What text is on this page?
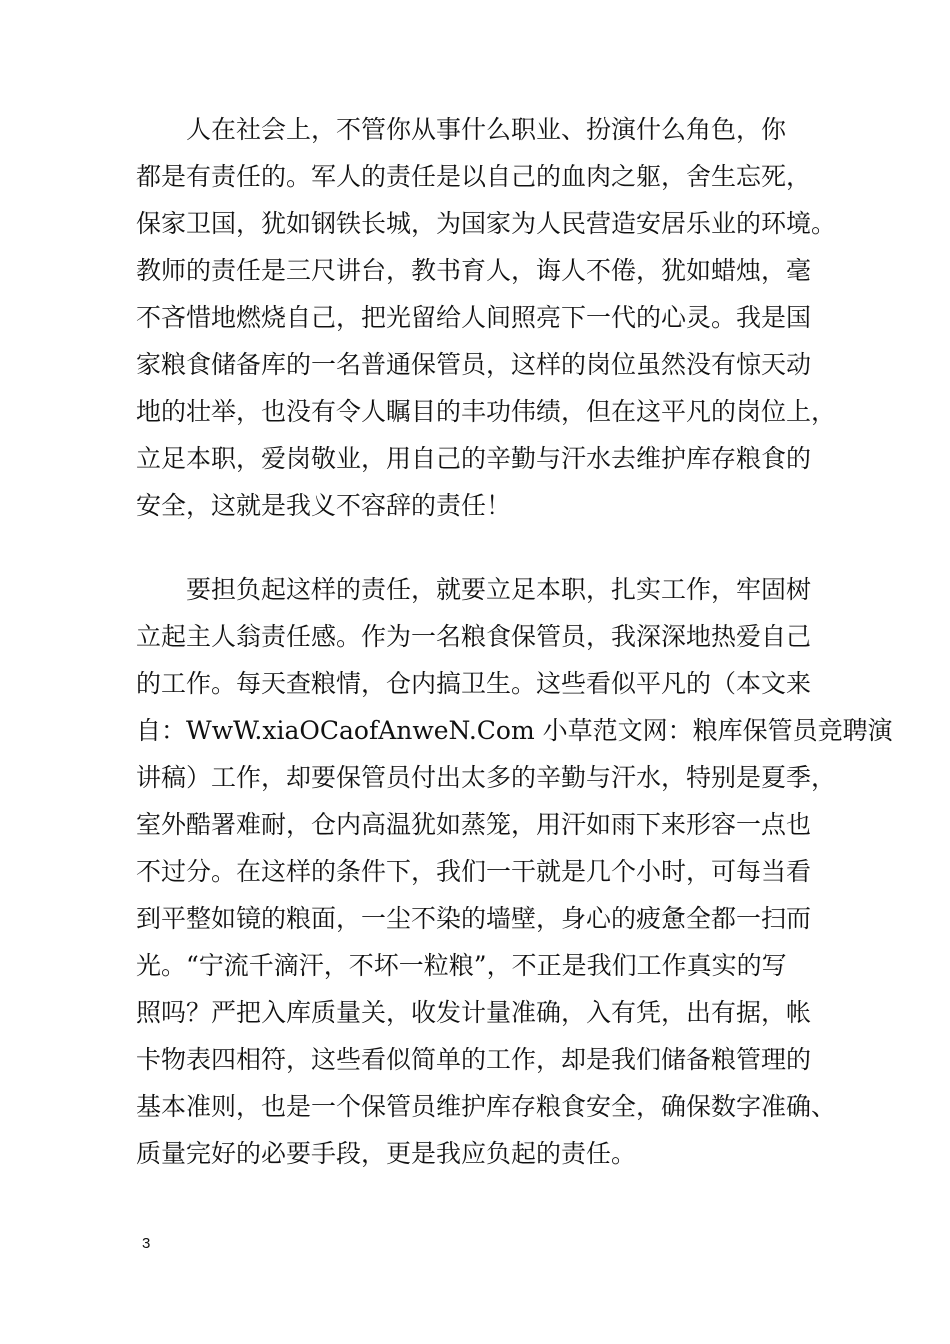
　　人在社会上，不管你从事什么职业、扮演什么角色，你
都是有责任的。军人的责任是以自己的血肉之躯，舍生忘死，
保家卫国，犹如钢铁长城，为国家为人民营造安居乐业的环境。
教师的责任是三尺讲台，教书育人，诲人不倦，犹如蜡烛，毫
不吝惜地燃烧自己，把光留给人间照亮下一代的心灵。我是国
家粮食储备库的一名普通保管员，这样的岗位虽然没有惊天动
地的壮举，也没有令人瞩目的丰功伟绩，但在这平凡的岗位上，
立足本职，爱岗敬业，用自己的辛勤与汗水去维护库存粮食的
安全，这就是我义不容辞的责任！
　　要担负起这样的责任，就要立足本职，扎实工作，牢固树
立起主人翁责任感。作为一名粮食保管员，我深深地热爱自己
的工作。每天查粮情，仓内搞卫生。这些看似平凡的（本文来
自：WwW.xiaOCaofAnweN.Com 小草范文网：粮库保管员竞聘演
讲稿）工作，却要保管员付出太多的辛勤与汗水，特别是夏季，
室外酷署难耐，仓内高温犹如蒸笼，用汗如雨下来形容一点也
不过分。在这样的条件下，我们一干就是几个小时，可每当看
到平整如镜的粮面，一尘不染的墙壁，身心的疲惫全都一扫而
光。“宁流千滴汗，不坏一粒粮”，不正是我们工作真实的写
照吗？严把入库质量关，收发计量准确，入有凭，出有据，帐
卡物表四相符，这些看似简单的工作，却是我们储备粮管理的
基本准则，也是一个保管员维护库存粮食安全，确保数字准确、
质量完好的必要手段，更是我应负起的责任。
3
